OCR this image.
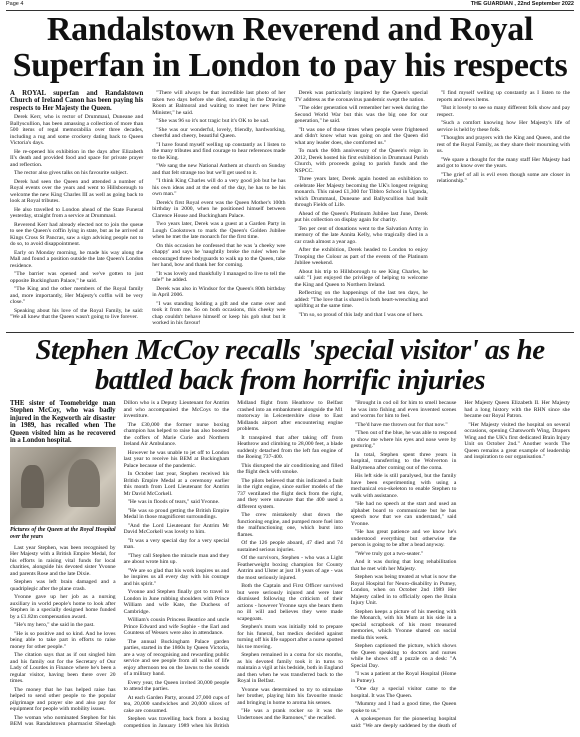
Page 4	THE GUARDIAN , 22nd September 2022
Randalstown Reverend and Royal Superfan in London to pay his respects

A ROYAL superfan and Randalstown Church of Ireland Canon has been paying his respects to Her Majesty the Queen.

Derek Kerr, who is rector of Drummaul, Duneane and Ballyscullion, has been amassing a collection of more than 500 items of regal memorabilia over three decades, including a rug and some crockery dating back to Queen Victoria's days.

He re-opened his exhibition in the days after Elizabeth II's death and provided food and space for private prayer and reflection.

The rector also gives talks on his favourite subject.

Derek had seen the Queen and attended a number of Royal events over the years and went to Hillsborough to welcome the new King Charles III as well as going back to look at Royal tributes.

He also travelled to London ahead of the State Funeral yesterday, straight from a service at Drummaul.

Reverend Kerr had already elected not to join the queue to see the Queen's coffin lying in state, but as he arrived at Kings Cross St Pancras, saw a sign advising people not to do so, to avoid disappointment.

Early on Monday morning, he made his way along the Mall and found a position outside the late Queen's London residence.

"The barrier was opened and we've gotten to just opposite Buckingham Palace," he said.

"The King and the other members of the Royal family and, more importantly, Her Majesty's coffin will be very close."

Speaking about his love of the Royal Family, he said: "We all knew that the Queen wasn't going to live forever.

"There will always be that incredible last photo of her taken two days before she died, standing in the Drawing Room at Balmoral and waiting to meet her new Prime Minister," he said.

"She was 96 so it's not tragic but it's OK to be sad.

"She was our wonderful, lovely, friendly, hardworking, cheerful and cheery, beautiful Queen.

"I have found myself welling up constantly as I listen to the many tributes and find courage to hear references made to the King.

"We sang the new National Anthem at church on Sunday and that felt strange too but we'll get used to it.

"I think King Charles will do a very good job but he has his own ideas and at the end of the day, he has to be his own man."

Derek's first Royal event was the Queen Mother's 100th birthday in 2000, when he positioned himself between Clarence House and Buckingham Palace.

Two years later, Derek was a guest at a Garden Party in Lough Cookstown to mark the Queen's Golden Jubilee when he met the late monarch for the first time.

On this occasion he confessed that he was 'a cheeky wee chappy' and says he 'naughtily broke the rules' when he encouraged three bodyguards to walk up to the Queen, take her hand, bow and thank her for coming.

"It was lovely and thankfully I managed to live to tell the tale!" he added.

Derek was also in Windsor for the Queen's 80th birthday in April 2006.

"I was standing holding a gift and she came over and took it from me. So on both occasions, this cheeky wee chap couldn't behave himself or keep his gob shut but it worked in his favour!

Derek was particularly inspired by the Queen's special TV address as the coronavirus pandemic swept the nation.

"The older generation will remember her week during the Second World War but this was the big one for our generation," he said.

"It was one of those times when people were frightened and didn't know what was going on and the Queen did what any leader does, she comforted us."

To mark the 60th anniversary of the Queen's reign in 2012, Derek hosted his first exhibition in Drummaul Parish Church, with proceeds going to parish funds and the NSPCC.

Three years later, Derek again hosted an exhibition to celebrate Her Majesty becoming the UK's longest reigning monarch. This raised £1,300 for Tibbro School in Uganda, which Drummaul, Duneane and Ballyscullion had built through Fields of Life.

Ahead of the Queen's Platinum Jubilee last June, Derek put his collection on display again for charity.

Ten per cent of donations went to the Salvation Army in memory of the late Annita Kelly, who tragically died in a car crash almost a year ago.

After the exhibition, Derek headed to London to enjoy Trooping the Colour as part of the events of the Platinum Jubilee weekend.

About his trip to Hillsborough to see King Charles, he said: "I just enjoyed the privilege of helping to welcome the King and Queen to Northern Ireland.

Reflecting on the happenings of the last ten days, he added: "The love that is shared is both heart-wrenching and uplifting at the same time.

"I'm so, so proud of this lady and that I was one of hers.

"I find myself welling up constantly as I listen to the reports and news items.

"But it lovely to see so many different folk show and pay respect.

"Such a comfort knowing how Her Majesty's life of service is held by these folk.

"Thoughts and prayers with the King and Queen, and the rest of the Royal Family, as they share their mourning with us.

"We spare a thought for the many staff Her Majesty had and got to know over the years.

"The grief of all is evil even though some are closer in relationship."

Stephen McCoy recalls 'special visitor' as he battled back from horrific injuries

THE sister of Toomebridge man Stephen McCoy, who was badly injured in the Kegworth air disaster in 1989, has recalled when The Queen visited him as he recovered in a London hospital.

Pictures of the Queen at the Royal Hospital over the years

Last year Stephen, was been recognised by Her Majesty with a British Empire Medal, for his efforts in raising vital funds for local charities, alongside his devoted sister Yvonne and parents Rose and the late Dixie.

Stephen was left brain damaged and a quadriplegic after the plane crash.

Yvonne gave up her job as a nursing auxiliary in world people's home to look after Stephen in a specially designed home funded by a £1.82m compensation award.

"He's my hero," she said in the past.

"He is so positive and so kind. And he loves being able to take part in efforts to raise money for other people."

The citation says that as if out singled him and his family out for the Secretary of Our Lady of Lourdes in Finance where he's been a regular visitor, having been there over 20 times.

The money that he has helped raise has helped to send other people to the popular pilgrimage and prayer site and also pay for equipment for people with mobility issues.

The woman who nominated Stephen for his BEM was Randalstown pharmacist Sheelagh Dillon who is a Deputy Lieutenant for Antrim and who accompanied the McCoys to the investiture.

The £30,000 the former nurse boxing champion has helped to raise has also boosted the coffers of Marie Curie and Northern Ireland Air Ambulance.

However he was unable to jet off to London last year to receive his BEM at Buckingham Palace because of the pandemic.

In October last year, Stephen received his British Empire Medal at a ceremony earlier this month from Lord Lieutenant for Antrim Mr David McCorkell.

"He was in floods of tears," said Yvonne.

"He was so proud getting the British Empire Medal in those magnificent surroundings.

"And the Lord Lieutenant for Antrim Mr David McCorkell was lovely to him.

"It was a very special day for a very special man.

"They call Stephen the miracle man and they are about wrote him up.

"We are so glad that his work inspires us and he inspires us all every day with his courage and his spirit."

Yvonne and Stephen finally got to travel to London in June rubbing shoulders with Prince William and wife Kate, the Duchess of Cambridge.

William's cousin Princess Beatrice and uncle Prince Edward and wife Sophie - the Earl and Countess of Wessex were also in attendance.

The annual Buckingham Palace garden parties, started in the 1860s by Queen Victoria, are a way of recognising and rewarding public service and see people from all walks of life enjoy afternoon tea on the lawns to the sounds of a military band.

Every year, the Queen invited 30,000 people to attend the parties.

At each Garden Party, around 27,000 cups of tea, 20,000 sandwiches and 20,000 slices of cake are consumed.

Stephen was travelling back from a boxing competition in January 1989 when his British Midland flight from Heathrow to Belfast crashed into an embankment alongside the M1 motorway in Leicestershire close to East Midlands airport after encountering engine problems.

It transpired that after taking off from Heathrow and climbing to 28,000 feet, a blade suddenly detached from the left fan engine of the Boeing 737-400.

This disrupted the air conditioning and filled the flight deck with smoke.

The pilots believed that this indicated a fault in the right engine, since earlier models of the 737 ventilated the flight deck from the right, and they were unaware that the 400 used a different system.

The crew mistakenly shut down the functioning engine, and pumped more fuel into the malfunctioning one, which burst into flames.

Of the 126 people aboard, 47 died and 74 sustained serious injuries.

Of the survivors, Stephen - who was a Light Featherweight boxing champion for County Antrim and Ulster at just 18 years of age - was the most seriously injured.

Both the Captain and First Officer survived but were seriously injured and were later dismissed following the criticism of their actions - however Yvonne says she bears them no ill will and believes they were made scapegoats.

Stephen's mum was initially told to prepare for his funeral, but medics decided against turning off his life support after a nurse spotted his toe moving.

Stephen remained in a coma for six months, as his devoted family took it in turns to maintain a vigil at his bedside, both in England and then when he was transferred back to the Royal in Belfast.

Yvonne was determined to try to stimulate her brother, playing him his favourite music and bringing in home to aroma his senses.

"He was a prank rocker so it was the Undertones and the Ramones," she recalled.

"Brought in cod oil for him to smell because he was into fishing and even invented scenes and worms for him to feel.

"The'd have me thrown out for that now."

"Then out of the blue, he was able to respond to show me where his eyes and nose were by gesturing."

In total, Stephen spent three years in hospital, transferring to the Wolverton in Ballymena after coming out of the coma.

His left side is still paralysed, but the family have been experimenting with using a mechanical exo-skeleton to enable Stephen to walk with assistance.

"He had no speech at the start and used an alphabet board to communicate but he has speech now that we can understand," said Yvonne.

"He has great patience and we know he's understood everything but otherwise the person is going to be after a bead anyway.

"We've truly got a two-seater."

And it was during that long rehabilitation that he met with her Majesty.

Stephen was being treated at what is now the Royal Hospital for Neuro-disability in Putney, London, when on October 2nd 1989 Her Majesty called in to officially open the Brain Injury Unit.

Stephen keeps a picture of his meeting with the Monarch, with his Mum at his side in a special scrapbook of his most treasured memories, which Yvonne shared on social media this week.

Stephen captioned the picture, which shows the Queen speaking to doctors and nurses while he shows off a puzzle on a desk: "A Special Day.

"I was a patient at the Royal Hospital (Home in Putney).

"One day a special visitor came to the hospital. It was The Queen.

"Mummy and I had a good time, the Queen spoke to us."

A spokesperson for the pioneering hospital said: "We are deeply saddened by the death of Her Majesty Queen Elizabeth II. Her Majesty had a long history with the RHN since she became our Royal Patron.

"Her Majesty visited the hospital on several occasions, opening Chatsworth Wing, Drapers Wing and the UK's first dedicated Brain Injury Unit on October 2nd." Another words The Queen remains a great example of leadership and inspiration to our organisation."
